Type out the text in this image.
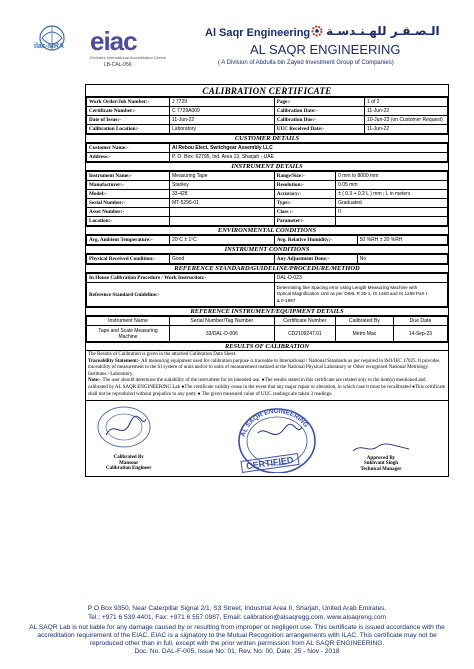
ilac-MRA eiac
Emirates International Accreditation Centre
LB-CAL-056
Al Saqr Engineering الـصـقـر للهـنـدسـة
AL SAQR ENGINEERING
( A Division of Abdulla bin Zayed Investment Group of Companies)
CALIBRATION CERTIFICATE
Work Order/Job Number:-	J 7729	Page:-	1 of 2
Certificate Number:-	C 7729A009	Calibration Date:-	11-Jun-22
Date of Issue:-	11-Jun-22	Calibration Due:-	10-Jun-23 (on Customer Request)
Calibration Location:-	Laboratory	UUC Received Date:-	11-Jun-22
CUSTOMER DETAILS
Customer Name:-	Al Rebou Elect. Switchgear Assembly LLC
Address:-	P. O. Box: 62795, Ind. Area 13, Sharjah - UAE
INSTRUMENT DETAILS
Instrument Name:-	Measuring Tape	Range/Size:-	0 mm to 8000 mm
Manufacturer:-	Stanley	Resolution:-	0.05 mm
Model:-	33-428	Accuracy:-	± ( 0.3 + 0.2 L ) mm ; L in meters
Serial Number:-	MT-5296-01	Type:-	Graduated
Asset Number:-		Class :-	II
Location:-		Parameter:-	
ENVIRONMENTAL CONDITIONS
Avg. Ambient Temperature:-	20ºC ± 1ºC	Avg. Relative Humidity:-	50 %RH ± 20 %RH
INSTRUMENT CONDITIONS
Physical Received Condition:-	Good	Any Adjustment Done:-	No
REFERENCE STANDARD/GUIDELINE/PROCEDURE/METHOD
In House Calibration Procedure / Work Instruction:-	DAL-D-023
Reference Standard Guideline:-	Determining line Spacing error using Length Measuring Machine with
Optical Magnification Unit as per OIML R 35-1, IS 1480 and IS 1269 Part I
& II-1997
REFERENCE INSTRUMENT/EQUIPMENT DETAILS
Instrument Name	Serial Number/Tag Number	Certificate Number	Calibrated By	Due Date

Tape and Scale Measuring
Machine	33/DAL-D-006	CD2109247.01	Metro Mac	14-Sep-23
RESULTS OF CALIBRATION

The Results of Calibration is given in the attached Calibration Data Sheet.

Traceability Statement:- All measuring equipment used for calibration purpose is traceable to International / National Standards as per required in ISO/IEC 17025. It provides traceability of measurement to the SI system of units and/or to units of measurement realized at the National Physical Laboratory or Other recognised National Metrology Institutes / Laboratory.

Note:- The user should determine the suitability of the instrument for its intended use. ●The results stated in this certificate are related only to the item(s) mentioned and calibrated by AL SAQR ENGINEERING Lab ●The certificate validity cease in the event that any major repair or alteration, in which case it must be recalibrated ●This certificate shall not be reproduced without prejudice to any party ● The given measured value of UUC readings are taken 3 readings.

Calibrated By
Mansoor
Calibration Engineer
AL SAQR ENGINEERING
CERTIFIED	Approved By
Sukhvant Singh
Technical Manager
P O Box 9350, Near Caterpillar Signal 2/1, S3 Street, Industrial Area II, Sharjah, United Arab Emirates.
Tel.: +971 6 539 4401, Fax: +971 6 557 0987, Email: calibration@alsaqregg.com, www.alsaqreng.com
AL SAQR Lab is not liable for any damage caused by or resulting from improper or negligent use. This certificate is issued accordance with the
accreditation requirement of the EIAC. EIAC is a signatory to the Mutual Recognition arrangements with ILAC. This certificate may not be
reproduced other than in full, except with the prior written permission from AL SAQR ENGINEERING.
Doc. No. DAL-F-005, Issue No: 01, Rev. No: 00, Date: 25 - Nov - 2018
